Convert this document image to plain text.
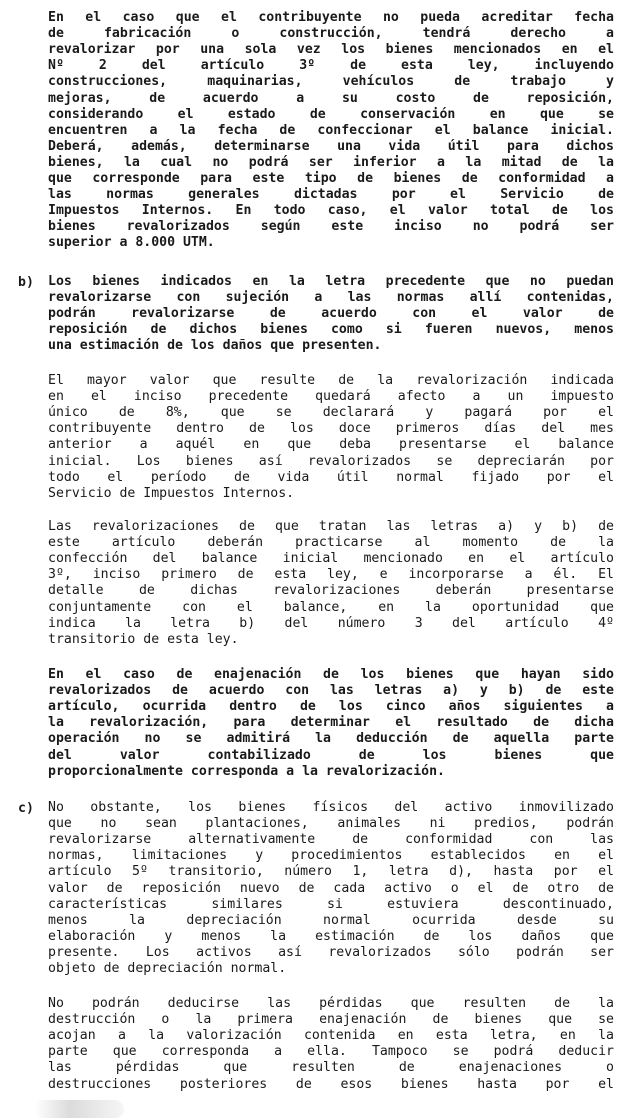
En el caso que el contribuyente no pueda acreditar fecha
de fabricación o construcción, tendrá derecho a
revalorizar por una sola vez los bienes mencionados en el
Nº 2 del artículo 3º de esta ley, incluyendo
construcciones, maquinarias, vehículos de trabajo y
mejoras, de acuerdo a su costo de reposición,
considerando el estado de conservación en que se
encuentren a la fecha de confeccionar el balance inicial.
Deberá, además, determinarse una vida útil para dichos
bienes, la cual no podrá ser inferior a la mitad de la
que corresponde para este tipo de bienes de conformidad a
las normas generales dictadas por el Servicio de
Impuestos Internos. En todo caso, el valor total de los
bienes revalorizados según este inciso no podrá ser
superior a 8.000 UTM.
b) Los bienes indicados en la letra precedente que no puedan
revalorizarse con sujeción a las normas allí contenidas,
podrán revalorizarse de acuerdo con el valor de
reposición de dichos bienes como si fueren nuevos, menos
una estimación de los daños que presenten.
El mayor valor que resulte de la revalorización indicada
en el inciso precedente quedará afecto a un impuesto
único de 8%, que se declarará y pagará por el
contribuyente dentro de los doce primeros días del mes
anterior a aquél en que deba presentarse el balance
inicial. Los bienes así revalorizados se depreciarán por
todo el período de vida útil normal fijado por el
Servicio de Impuestos Internos.
Las revalorizaciones de que tratan las letras a) y b) de
este artículo deberán practicarse al momento de la
confección del balance inicial mencionado en el artículo
3º, inciso primero de esta ley, e incorporarse a él. El
detalle de dichas revalorizaciones deberán presentarse
conjuntamente con el balance, en la oportunidad que
indica la letra b) del número 3 del artículo 4º
transitorio de esta ley.
En el caso de enajenación de los bienes que hayan sido
revalorizados de acuerdo con las letras a) y b) de este
artículo, ocurrida dentro de los cinco años siguientes a
la revalorización, para determinar el resultado de dicha
operación no se admitirá la deducción de aquella parte
del valor contabilizado de los bienes que
proporcionalmente corresponda a la revalorización.
c) No obstante, los bienes físicos del activo inmovilizado
que no sean plantaciones, animales ni predios, podrán
revalorizarse alternativamente de conformidad con las
normas, limitaciones y procedimientos establecidos en el
artículo 5º transitorio, número 1, letra d), hasta por el
valor de reposición nuevo de cada activo o el de otro de
características similares si estuviera descontinuado,
menos la depreciación normal ocurrida desde su
elaboración y menos la estimación de los daños que
presente. Los activos así revalorizados sólo podrán ser
objeto de depreciación normal.
No podrán deducirse las pérdidas que resulten de la
destrucción o la primera enajenación de bienes que se
acojan a la valorización contenida en esta letra, en la
parte que corresponda a ella. Tampoco se podrá deducir
las pérdidas que resulten de enajenaciones o
destrucciones posteriores de esos bienes hasta por el
